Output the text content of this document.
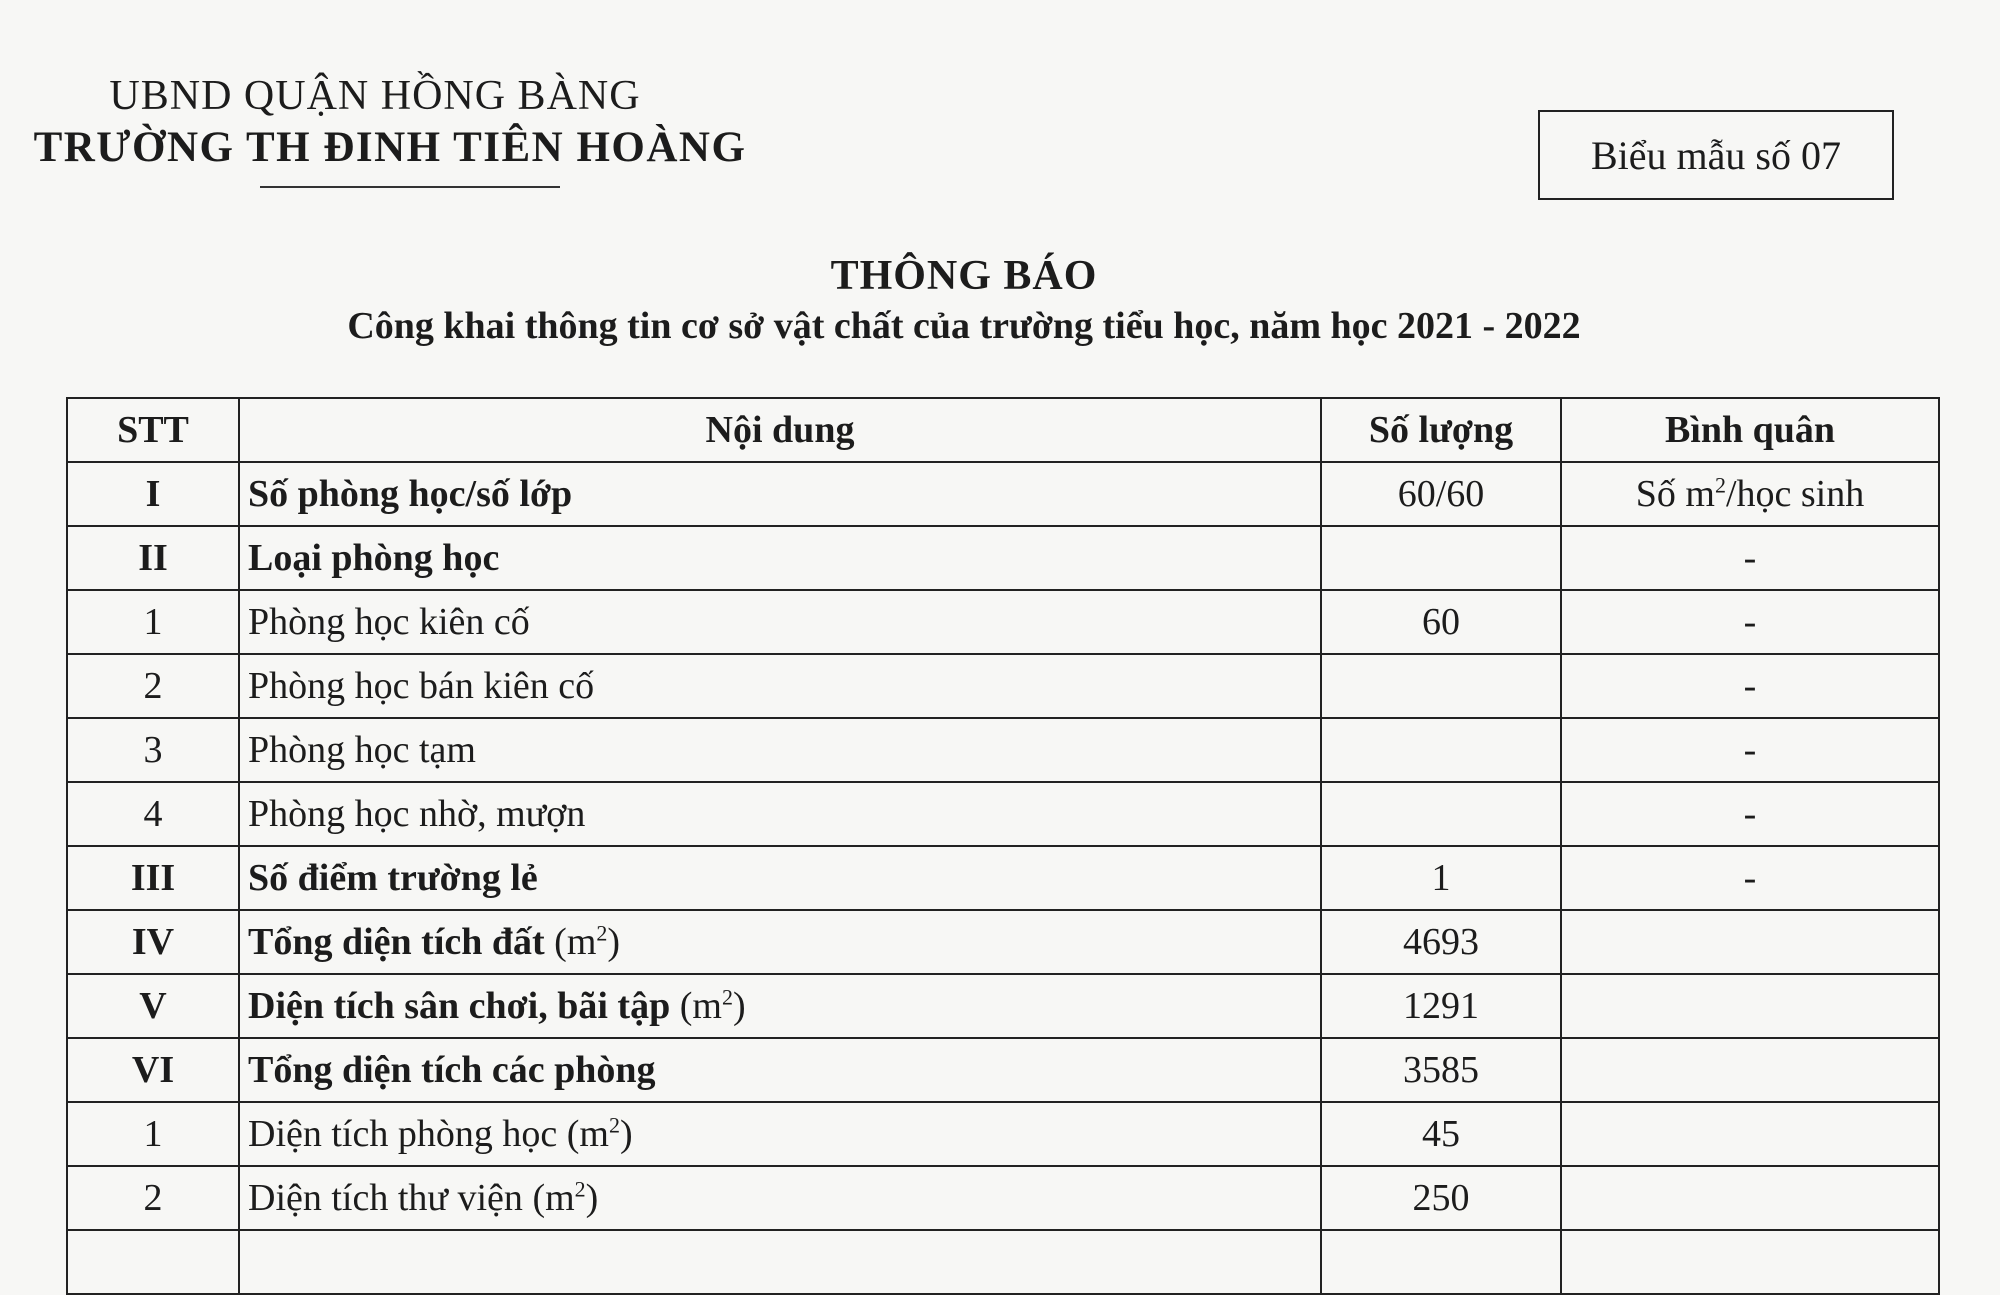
UBND QUẬN HỒNG BÀNG
TRƯỜNG TH ĐINH TIÊN HOÀNG	Biểu mẫu số 07
THÔNG BÁO
Công khai thông tin cơ sở vật chất của trường tiểu học, năm học 2021 - 2022
STT	Nội dung	Số lượng	Bình quân
I	Số phòng học/số lớp	60/60	Số $m^2$/học sinh
II	Loại phòng học		-
1	Phòng học kiên cố	60	-
2	Phòng học bán kiên cố		-
3	Phòng học tạm		-
4	Phòng học nhờ, mượn		-
III	Số điểm trường lẻ	1	-
IV	Tổng diện tích đất $(m^2)$	4693	
V	Diện tích sân chơi, bãi tập $(m^2)$	1291	
VI	Tổng diện tích các phòng	3585	
1	Diện tích phòng học $(m^2)$	45	
2	Diện tích thư viện $(m^2)$	250	
